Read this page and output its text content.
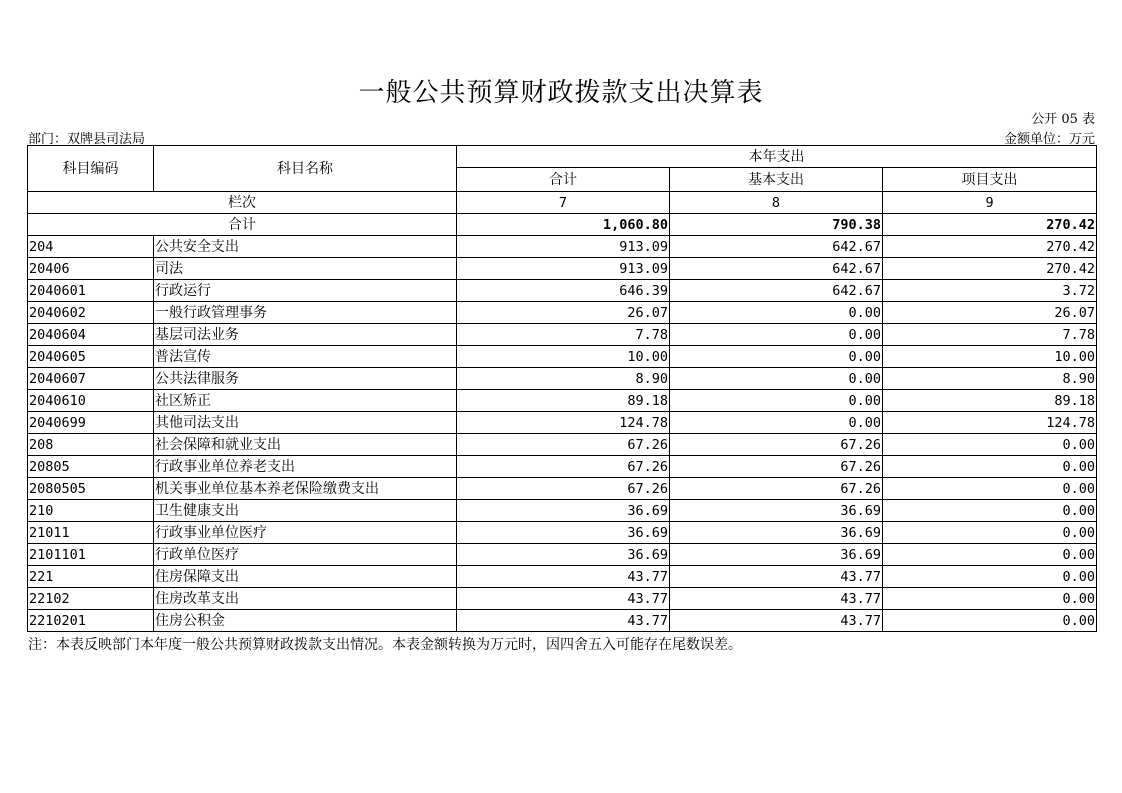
一般公共预算财政拨款支出决算表
公开 05 表
部门：双牌县司法局	金额单位：万元
科目编码	科目名称	本年支出		
		合计	基本支出	项目支出
栏次		7	8	9
合计		1,060.80	790.38	270.42
204	公共安全支出	913.09	642.67	270.42
20406	司法	913.09	642.67	270.42
2040601	行政运行	646.39	642.67	3.72
2040602	一般行政管理事务	26.07	0.00	26.07
2040604	基层司法业务	7.78	0.00	7.78
2040605	普法宣传	10.00	0.00	10.00
2040607	公共法律服务	8.90	0.00	8.90
2040610	社区矫正	89.18	0.00	89.18
2040699	其他司法支出	124.78	0.00	124.78
208	社会保障和就业支出	67.26	67.26	0.00
20805	行政事业单位养老支出	67.26	67.26	0.00
2080505	机关事业单位基本养老保险缴费支出	67.26	67.26	0.00
210	卫生健康支出	36.69	36.69	0.00
21011	行政事业单位医疗	36.69	36.69	0.00
2101101	行政单位医疗	36.69	36.69	0.00
221	住房保障支出	43.77	43.77	0.00
22102	住房改革支出	43.77	43.77	0.00
2210201	住房公积金	43.77	43.77	0.00
注：本表反映部门本年度一般公共预算财政拨款支出情况。本表金额转换为万元时，因四舍五入可能存在尾数误差。
